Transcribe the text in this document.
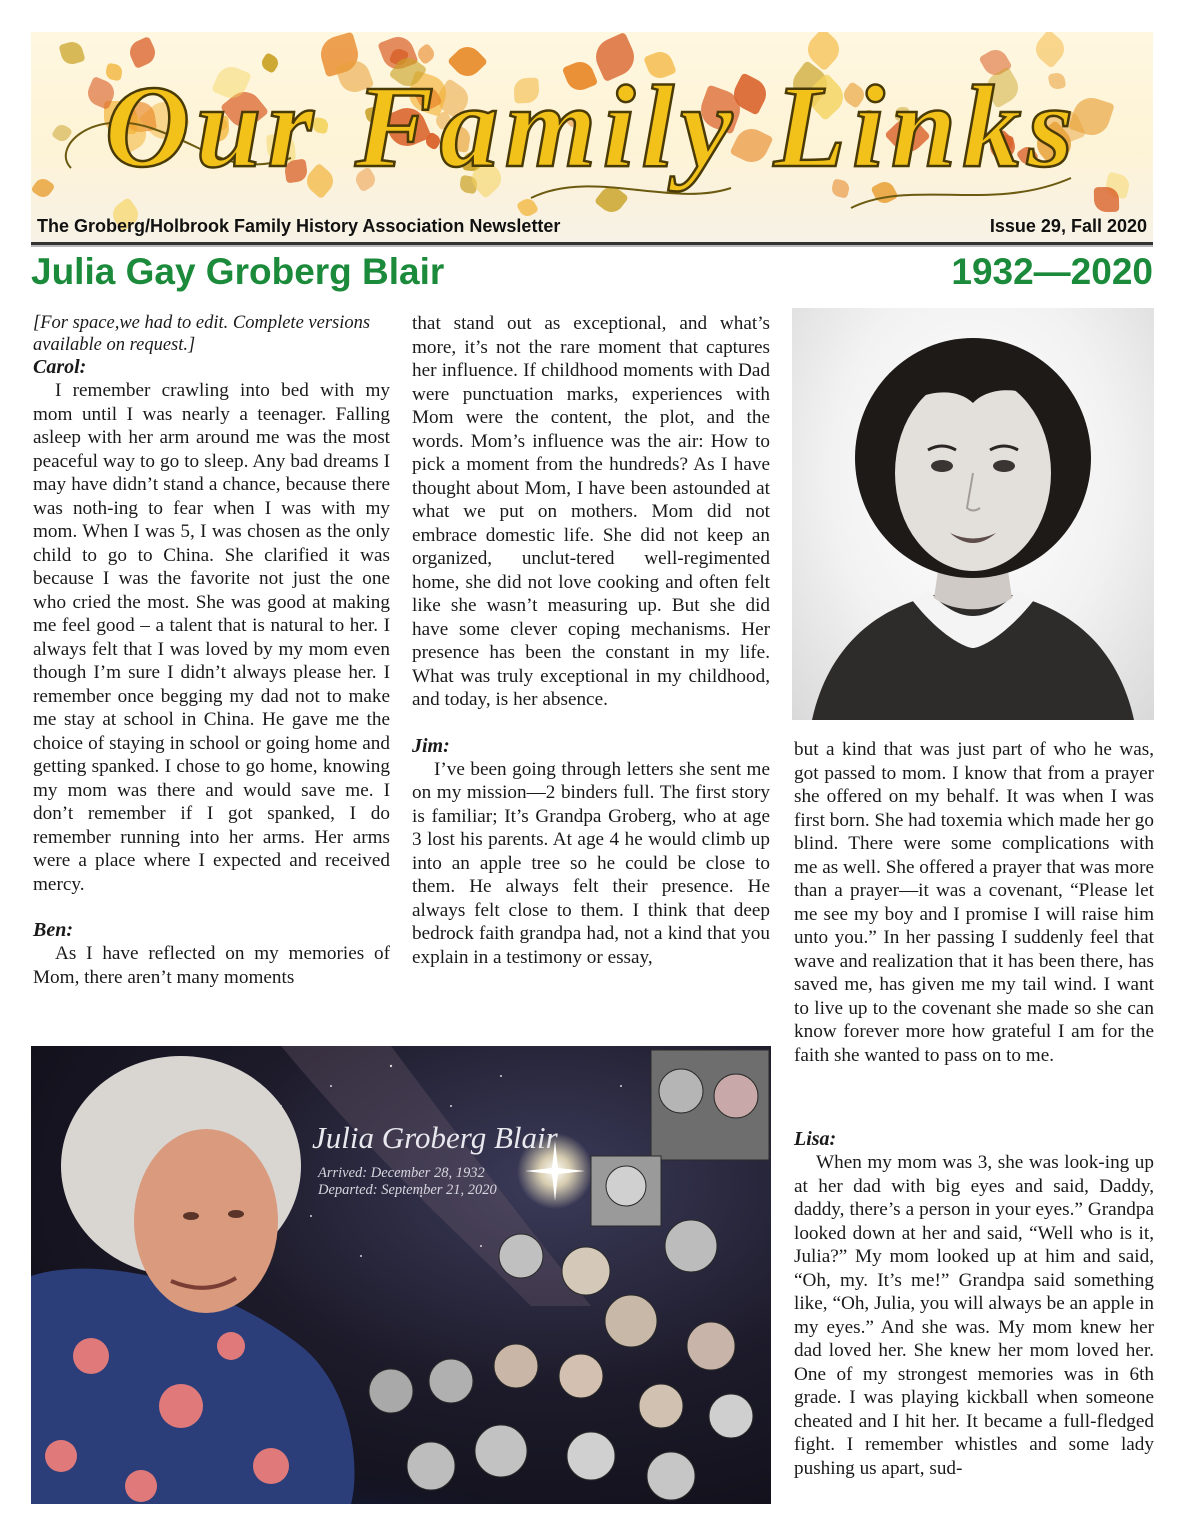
Our Family Links
The Groberg/Holbrook Family History Association Newsletter	Issue 29, Fall 2020
Julia Gay Groberg Blair	1932—2020
[For space,we had to edit. Complete versions available on request.]
Carol:

I remember crawling into bed with my mom until I was nearly a teenager. Falling asleep with her arm around me was the most peaceful way to go to sleep. Any bad dreams I may have didn’t stand a chance, because there was noth-ing to fear when I was with my mom. When I was 5, I was chosen as the only child to go to China. She clarified it was because I was the favorite not just the one who cried the most. She was good at making me feel good – a talent that is natural to her. I always felt that I was loved by my mom even though I’m sure I didn’t always please her. I remember once begging my dad not to make me stay at school in China. He gave me the choice of staying in school or going home and getting spanked. I chose to go home, knowing my mom was there and would save me. I don’t remember if I got spanked, I do remember running into her arms. Her arms were a place where I expected and received mercy.

Ben:

As I have reflected on my memories of Mom, there aren’t many moments

that stand out as exceptional, and what’s more, it’s not the rare moment that captures her influence. If childhood moments with Dad were punctuation marks, experiences with Mom were the content, the plot, and the words. Mom’s influence was the air: How to pick a moment from the hundreds? As I have thought about Mom, I have been astounded at what we put on mothers. Mom did not embrace domestic life. She did not keep an organized, unclut-tered well-regimented home, she did not love cooking and often felt like she wasn’t measuring up. But she did have some clever coping mechanisms. Her presence has been the constant in my life. What was truly exceptional in my childhood, and today, is her absence.

Jim:

I’ve been going through letters she sent me on my mission—2 binders full. The first story is familiar; It’s Grandpa Groberg, who at age 3 lost his parents. At age 4 he would climb up into an apple tree so he could be close to them. He always felt their presence. He always felt close to them. I think that deep bedrock faith grandpa had, not a kind that you explain in a testimony or essay,

but a kind that was just part of who he was, got passed to mom. I know that from a prayer she offered on my behalf. It was when I was first born. She had toxemia which made her go blind. There were some complications with me as well. She offered a prayer that was more than a prayer—it was a covenant, “Please let me see my boy and I promise I will raise him unto you.” In her passing I suddenly feel that wave and realization that it has been there, has saved me, has given me my tail wind. I want to live up to the covenant she made so she can know forever more how grateful I am for the faith she wanted to pass on to me.

Lisa:

When my mom was 3, she was look-ing up at her dad with big eyes and said, Daddy, daddy, there’s a person in your eyes.” Grandpa looked down at her and said, “Well who is it, Julia?” My mom looked up at him and said, “Oh, my. It’s me!” Grandpa said something like, “Oh, Julia, you will always be an apple in my eyes.” And she was. My mom knew her dad loved her. She knew her mom loved her. One of my strongest memories was in 6th grade. I was playing kickball when someone cheated and I hit her. It became a full-fledged fight. I remember whistles and some lady pushing us apart, sud-

Julia Groberg Blair
Arrived: December 28, 1932
Departed: September 21, 2020
